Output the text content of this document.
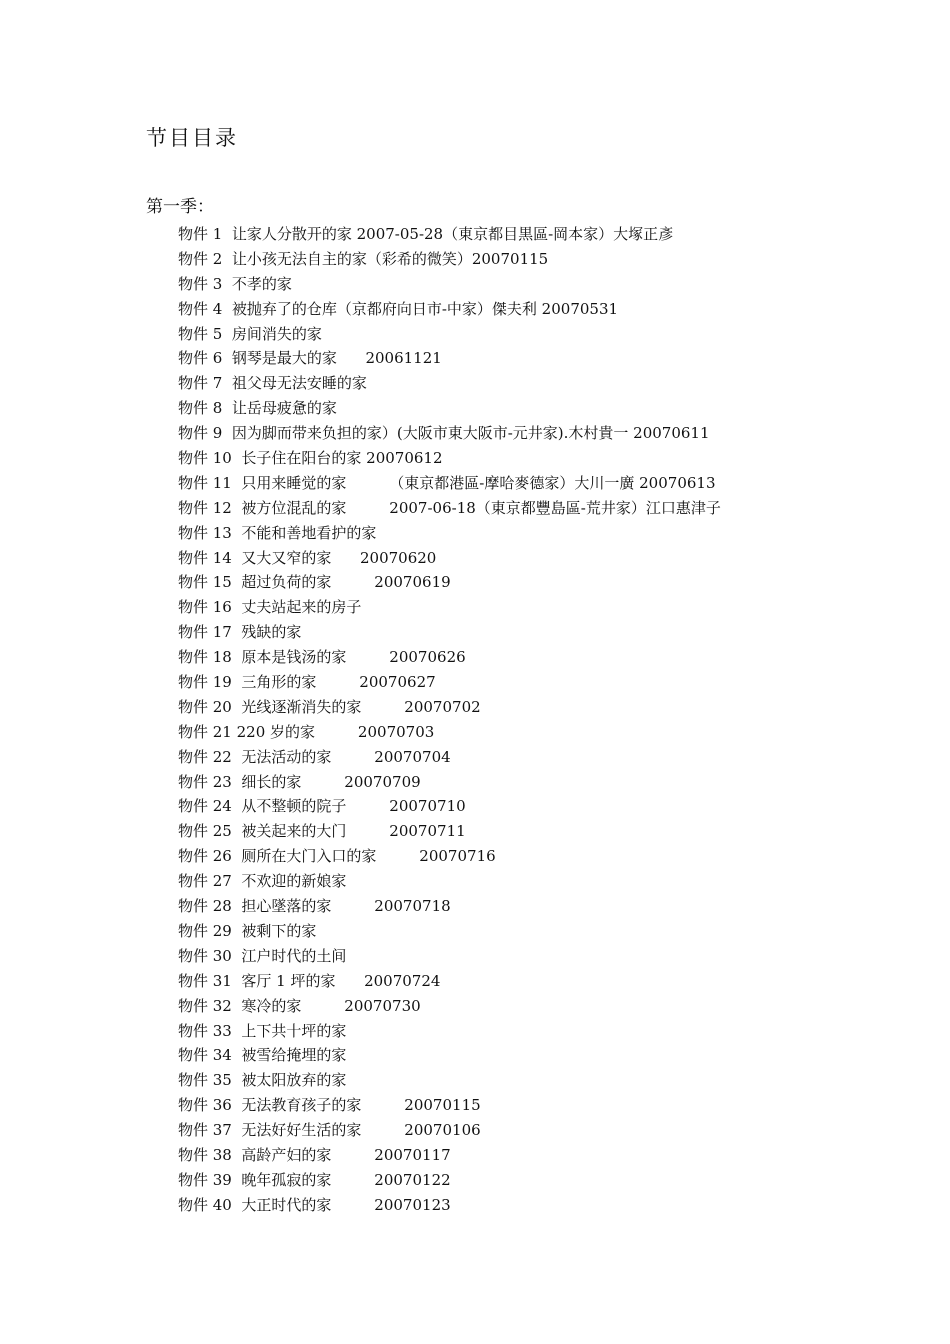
节目目录
第一季：
物件 1  让家人分散开的家 2007-05-28（東京都目黒區-岡本家）大塚正彥
物件 2  让小孩无法自主的家（彩希的微笑）20070115
物件 3  不孝的家
物件 4  被抛弃了的仓库（京都府向日市-中家）傑夫利 20070531
物件 5  房间消失的家
物件 6  钢琴是最大的家      20061121
物件 7  祖父母无法安睡的家
物件 8  让岳母疲惫的家
物件 9  因为脚而带来负担的家）(大阪市東大阪市-元井家).木村貴一 20070611
物件 10  长子住在阳台的家 20070612
物件 11  只用来睡觉的家         （東京都港區-摩哈麥德家）大川一廣 20070613
物件 12  被方位混乱的家         2007-06-18（東京都豐島區-荒井家）江口惠津子
物件 13  不能和善地看护的家
物件 14  又大又窄的家      20070620
物件 15  超过负荷的家         20070619
物件 16  丈夫站起来的房子
物件 17  残缺的家
物件 18  原本是钱汤的家         20070626
物件 19  三角形的家         20070627
物件 20  光线逐渐消失的家         20070702
物件 21 220 岁的家         20070703
物件 22  无法活动的家         20070704
物件 23  细长的家         20070709
物件 24  从不整顿的院子         20070710
物件 25  被关起来的大门         20070711
物件 26  厕所在大门入口的家         20070716
物件 27  不欢迎的新娘家
物件 28  担心墜落的家         20070718
物件 29  被剩下的家
物件 30  江户时代的土间
物件 31  客厅 1 坪的家      20070724
物件 32  寒冷的家         20070730
物件 33  上下共十坪的家
物件 34  被雪给掩埋的家
物件 35  被太阳放弃的家
物件 36  无法教育孩子的家         20070115
物件 37  无法好好生活的家         20070106
物件 38  高龄产妇的家         20070117
物件 39  晚年孤寂的家         20070122
物件 40  大正时代的家         20070123
